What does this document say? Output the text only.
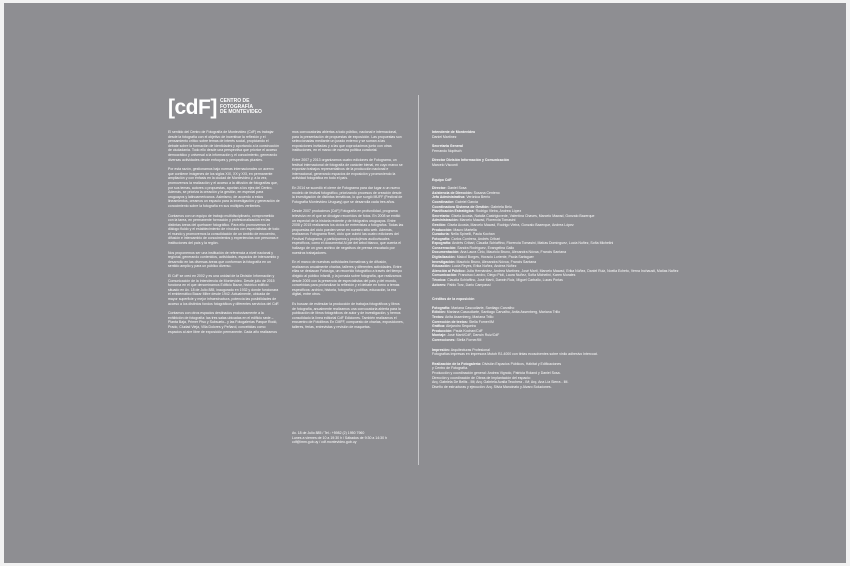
[cdF] CENTRO DE
FOTOGRAFÍA
DE MONTEVIDEO

El sentido del Centro de Fotografía de Montevideo (CdF) es trabajar desde la fotografía con el objetivo de incentivar la reflexión y el pensamiento crítico sobre temas de interés social, propiciando el debate sobre la formación de identidades y aportando a la construcción de ciudadanía. Todo ello desde una perspectiva que priorice el acceso democrático y universal a la información y el conocimiento, generando diversas actividades desde enfoques y perspectivas plurales.

Por esta razón, gestionamos bajo normas internacionales un acervo que contiene imágenes de los siglos XIX, XX y XXI, en permanente ampliación y con énfasis en la ciudad de Montevideo y, a la vez, promovemos la realización y el acceso a la difusión de fotografías que, por sus temas, autores o propuestas, aportan a los ejes del Centro. Además, se prioriza la creación y la gestión, en especial para uruguayos y latinoamericanos. Asimismo, de acuerdo a estos lineamientos, creamos un espacio para la investigación y generación de conocimiento sobre la fotografía en sus múltiples vertientes.

Contamos con un equipo de trabajo multidisciplinario, comprometido con la tarea, en permanente formación y profesionalización en las distintas áreas del quehacer fotográfico. Para ello promovemos el diálogo fluido y el establecimiento de vínculos con especialistas de todo el mundo y promovemos la consolidación de un ámbito de encuentro, difusión e intercambio de conocimientos y experiencias con personas e instituciones del país y la región.

Nos proponemos ser una institución de referencia a nivel nacional y regional, generando contenidos, actividades, espacios de intercambio y desarrollo en las diversas áreas que conforman la fotografía en un sentido amplio y para un público diverso.

El CdF se creó en 2002 y es una unidad de la División Información y Comunicación de la Intendencia de Montevideo. Desde julio de 2015 funciona en el que denominamos Edificio Bazar, histórico edificio situado en Av. 18 de Julio 885, inaugurado en 1932 y donde funcionara el emblemático Bazar Mitre desde 1942. Actualmente, ubicada de mayor superficie y mejor infraestructura, potencia las posibilidades de acceso a los distintos fondos fotográficos y diferentes servicios del CdF.

Contamos con otros espacios destinados exclusivamente a la exhibición de fotografía: las tres salas ubicadas en el edificio sede –Planta Baja, Primer Piso y Subsuelo– y las Fotogalerías Parque Rodó, Prado, Ciudad Vieja, Villa Dolores y Peñarol, concebidas como espacios al aire libre de exposición permanente. Cada año realizamos

mos convocatorias abiertas a todo público, nacional e internacional, para la presentación de propuestas de exposición. Las propuestas son seleccionadas mediante un jurado externo y se suman a las exposiciones invitadas y a las que coproducimos junto con otras instituciones, en el marco de nuestra política curatorial.

Entre 2007 y 2013 organizamos cuatro ediciones de Fotograma, un festival internacional de fotografía de carácter bienal, en cuyo marco se exponían trabajos representativos de la producción nacional e internacional, generando espacios de exposición y promoviendo la actividad fotográfica en todo el país.

En 2014 se sucedió el cierre de Fotograma para dar lugar a un nuevo modelo de festival fotográfico, priorizando procesos de creación desde la investigación de distintas temáticas, lo que surgió MUFF (Festival de Fotografía Montevideo Uruguay) que se desarrolla cada tres años.

Desde 2007 producimos [CdF] Fotografía en profundidad, programa televisivo en el que se divulgan recorridos de fotos. En 2008 se emitió un especial de la historia reciente y de fotógrafos uruguayos. Entre 2008 y 2015 realizamos los ciclos de entrevistas a fotógrafos. Todas las propuestas del ciclo pueden verse en nuestro sitio web. Además, realizamos Fotograma Reel, ciclo que cubrió las cuatro ediciones del Festival Fotograma, y participamos y produjimos audiovisuales específicos, como el documental Al pie del árbol blanco, que cuenta el hallazgo de un gran archivo de negativos de prensa rescatado por nuestros trabajadores.

En el marco de nuestras actividades formativas y de difusión, realizamos anualmente charlas, talleres y diferentes actividades. Entre ellas se destacan Fotosíga, un recorrido fotográfico a través del tiempo dirigido al público infantil, y la jornada sobre fotografía, que realizamos desde 2005 con la presencia de especialistas del país y del mundo, concebidas para profundizar la reflexión y el debate en torno a temas específicos: archivo, historia, fotografía y política, educación, la era digital, entre otros.

Es buscan de estimular la producción de trabajos fotográficos y libros de fotografía, anualmente realizamos una convocatoria abierta para la publicación de libros fotográficos de autor y de investigación, y hemos consolidado la línea editorial CdF Ediciones. También realizamos el encuentro de Fotolibros En CMFF, compuesto de charlas, exposiciones, talleres, ferias, entrevistas y revisión de maquetas.

Av. 18 de Julio 885 / Tel.: +5982 (2) 1950 7960
Lunes a viernes de 10 a 19:30 h / Sábados de 9:30 a 14:30 h
cdf@imm.gub.uy / cdf.montevideo.gub.uy
Intendente de Montevideo
Daniel Martínez
Secretaria General
Fernando Nopitsch
Director División Información y Comunicación
Marcelo Visconti
Equipo CdF
Director: Daniel Sosa
Asistencia de Dirección: Susana Centeno
Jefa Administrativa: Verónica Berrio
Coordinador: Gabriel García
Coordinadora Sistema de Gestión: Gabriela Belo
Planificación Estratégica: Rodrigo Vieira, Andrea López
Secretaría: Gisela Acosta, Natalia Castrigiovede, Valentina Chaves, Marcelo Mawad, Gonzalo Bazerque
Administración: Marcelo Mawad, Florencia Tomasini
Gestión: Gisela Acosta, Marcelo Mawad, Rodrigo Vieira, Gonzalo Bazerque, Andrea López
Producción: Mauro Martella
Curaduría: Nella Spinelli, Paula Kochan
Fotografía: Carlos Contrera, Andrés Cribari
Expografía: Andrés Cribari, Claudia Schiaffino, Florencia Tomasini, Matías Domínguez, Lucía Nuñez, Sofía Michelini
Conservación: Sandra Rodríguez, Evangelina Gallo
Documentación: Ana Laura Cirio, Mauricio Bruno, Alexandra Nóvoa, Francis Santana
Digitalización: Maicol Borges, Horacio Loriente, Paola Sartaguer
Investigación: Mauricio Bruno, Alexandra Nóvoa, Francis Santana
Educación: Lucía Reyes, Erika Nuñez, Andrea Núñez
Atención al Público: Julia Hernández, Andrea Martínez, José Marti, Marcelo Mawad, Erika Núñez, Daniel Ruiz, Noelia Echeto, Verna Inchausti, Matías Nañez
Comunicación: Francisco Landro, Diego Pioli, Laura Nuñez, Sofía Michelini, Karen Morales
Técnica: Claudia Schiaffino, José Martí, Darwin Ruiz, Miguel Carballo, Lucas Porlas
Actores: Pablo Torz, Dario Campassi
Créditos de la exposición
Fotografía: Mariana Cascudiarte, Santiago Carvalho
Edición: Mariana Cascudiarte, Santiago Carvalho, Anita Assenberg, Mariana Trillo
Textos: Anita Assenberg, Mariana Trillo
Corrección de textos: Stella Forner/IM
Gráfica: Alejandro Sequeira
Producción: Paula Kochan/CdF
Montaje: José Martí/CdF, Darwin Ruiz/CdF
Correcciones: Stella Forner/IM
Impresión: Arquitecturas Profesional
Fotografías impresas en impresora Mutoh RJ-4000 con tintas ecosolventes sobre vinilo adhesivo Intercoat.
Realización de la Fotogalería: División Espacios Públicos, Hábitat y Edificaciones
y Centro de Fotografía.
Producción y coordinación general: Andrea Vignolo, Patricia Roland y Daniel Sosa.
Dirección y coordinación de Obras de Implantación del espacio:
Arq. Gabriela De Bellis - IM; Arq. Gabriela Avalla Tecchera - IM; Arq. Ana Lía Sierra - IM.
Diseño de estructuras y ejecución: Arq. Silvia Mancinato y Alvaro Soluciones.
